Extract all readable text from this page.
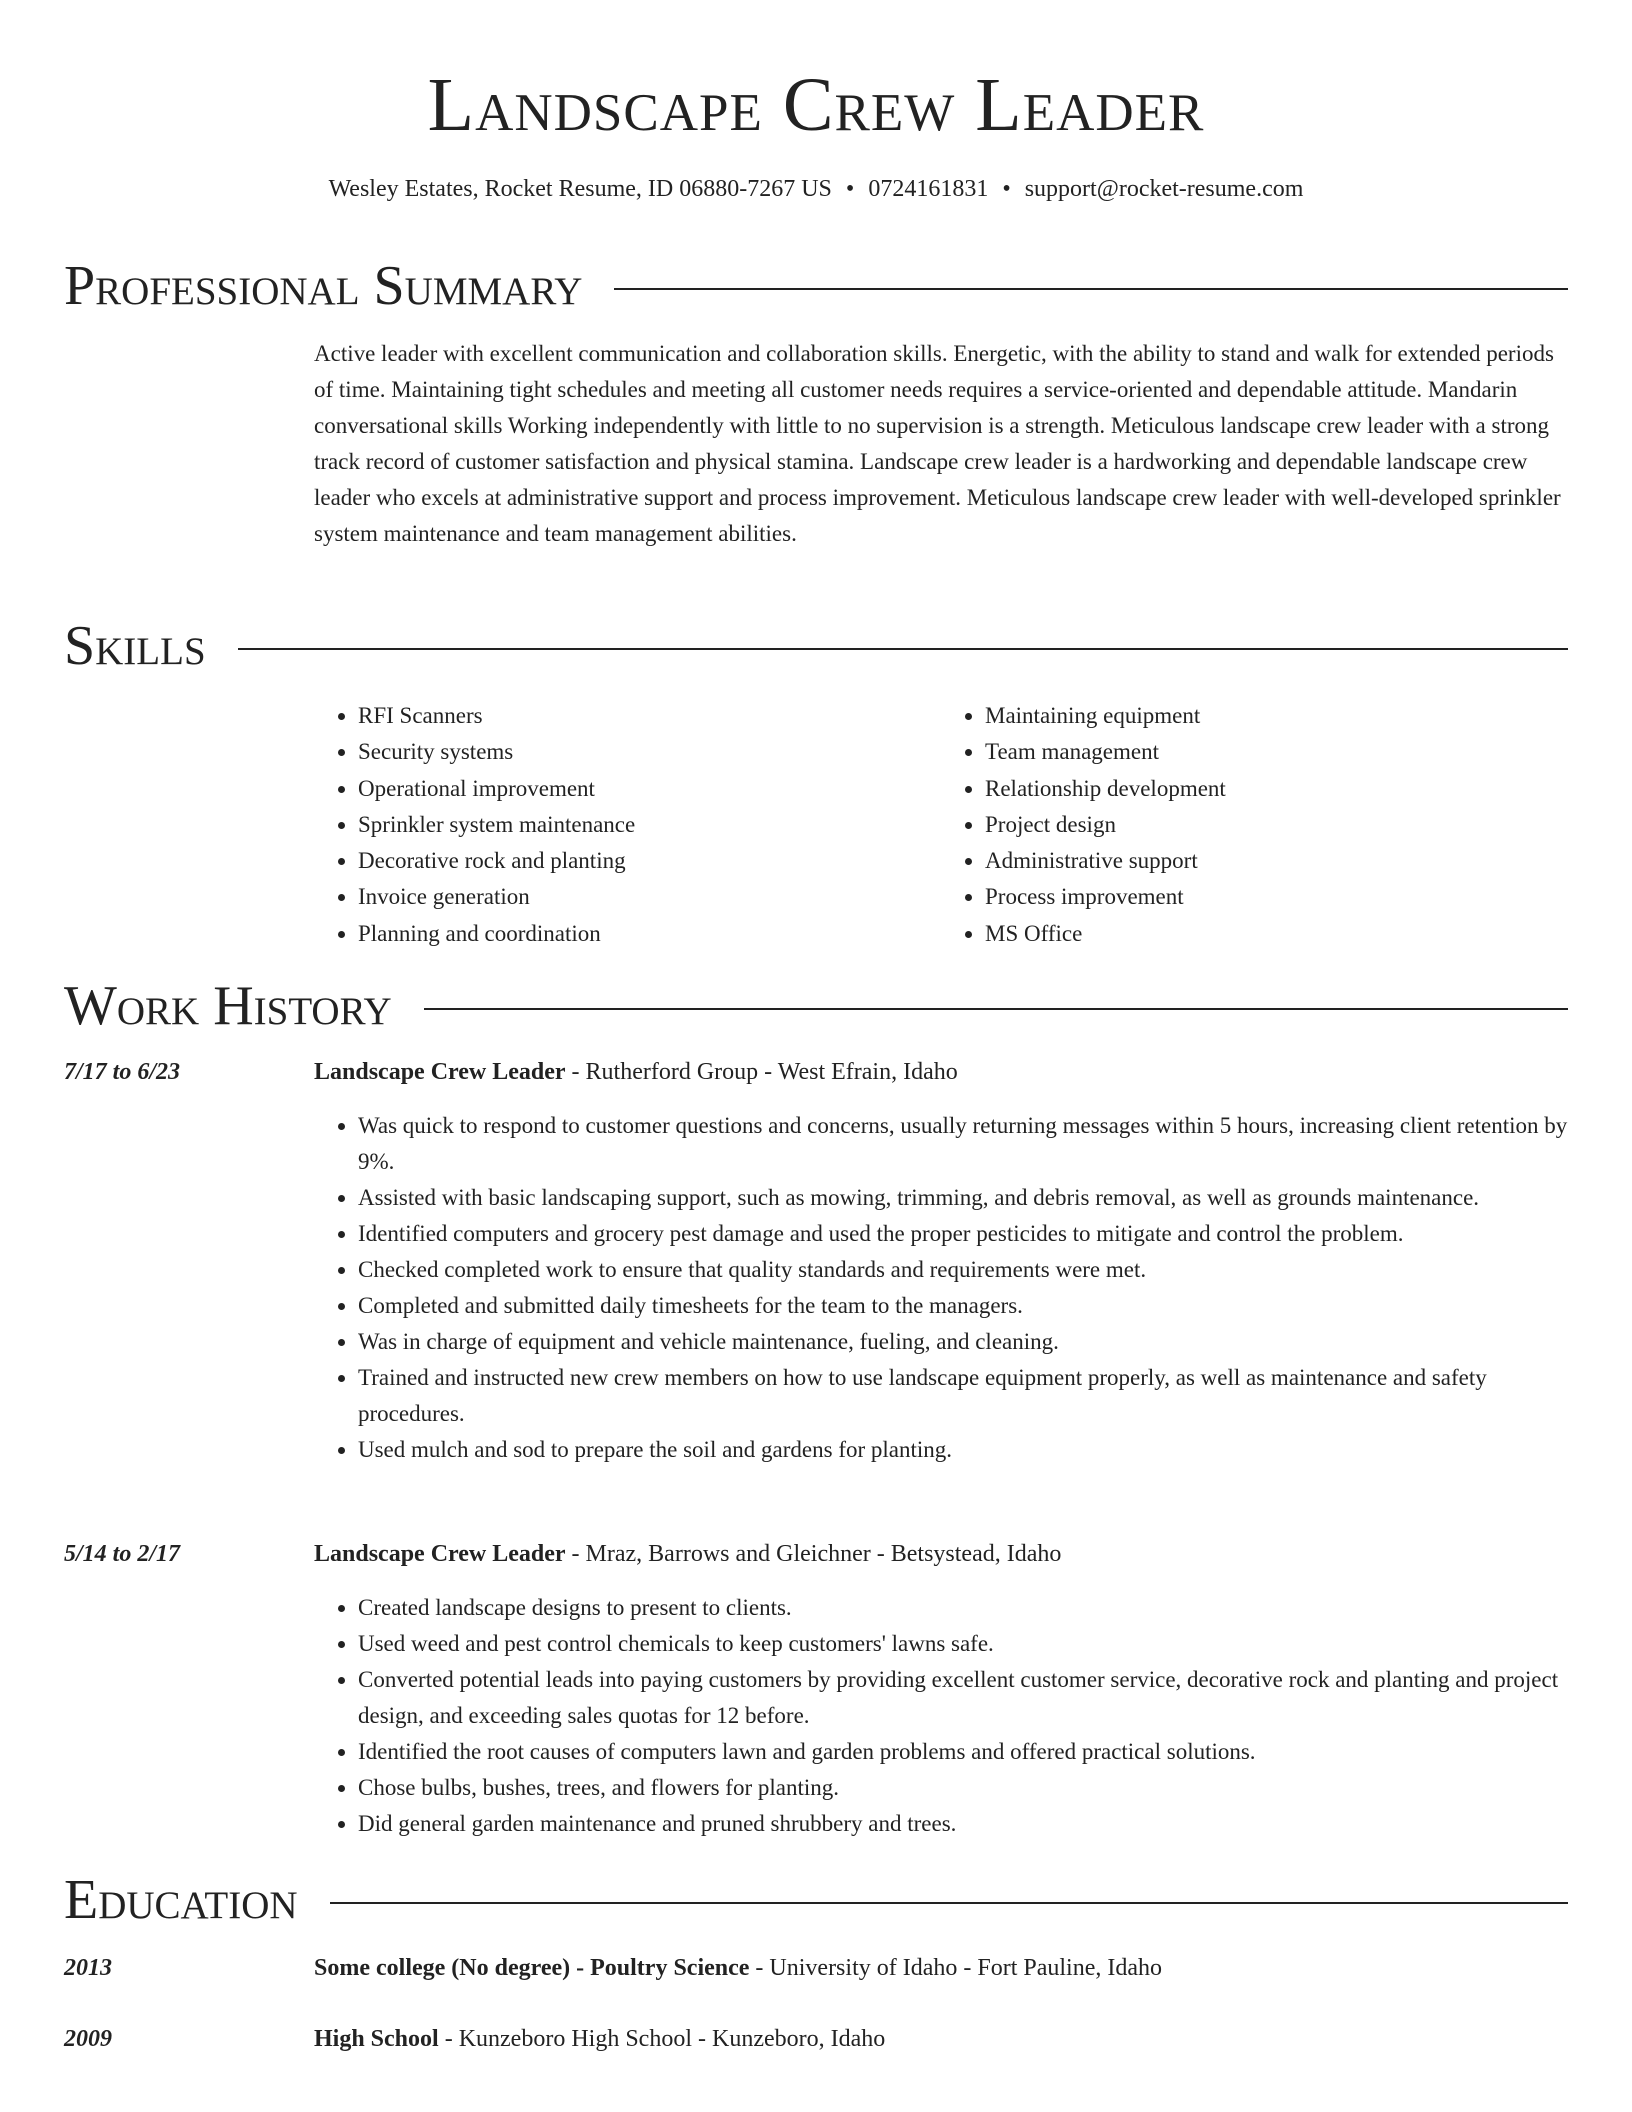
Landscape Crew Leader
Wesley Estates, Rocket Resume, ID 06880-7267 US • 0724161831 • support@rocket-resume.com
Professional Summary
Active leader with excellent communication and collaboration skills. Energetic, with the ability to stand and walk for extended periods of time. Maintaining tight schedules and meeting all customer needs requires a service-oriented and dependable attitude. Mandarin conversational skills Working independently with little to no supervision is a strength. Meticulous landscape crew leader with a strong track record of customer satisfaction and physical stamina. Landscape crew leader is a hardworking and dependable landscape crew leader who excels at administrative support and process improvement. Meticulous landscape crew leader with well-developed sprinkler system maintenance and team management abilities.
Skills
• RFI Scanners
• Security systems
• Operational improvement
• Sprinkler system maintenance
• Decorative rock and planting
• Invoice generation
• Planning and coordination
• Maintaining equipment
• Team management
• Relationship development
• Project design
• Administrative support
• Process improvement
• MS Office
Work History
7/17 to 6/23	Landscape Crew Leader - Rutherford Group - West Efrain, Idaho
• Was quick to respond to customer questions and concerns, usually returning messages within 5 hours, increasing client retention by 9%.
• Assisted with basic landscaping support, such as mowing, trimming, and debris removal, as well as grounds maintenance.
• Identified computers and grocery pest damage and used the proper pesticides to mitigate and control the problem.
• Checked completed work to ensure that quality standards and requirements were met.
• Completed and submitted daily timesheets for the team to the managers.
• Was in charge of equipment and vehicle maintenance, fueling, and cleaning.
• Trained and instructed new crew members on how to use landscape equipment properly, as well as maintenance and safety procedures.
• Used mulch and sod to prepare the soil and gardens for planting.
5/14 to 2/17	Landscape Crew Leader - Mraz, Barrows and Gleichner - Betsystead, Idaho
• Created landscape designs to present to clients.
• Used weed and pest control chemicals to keep customers' lawns safe.
• Converted potential leads into paying customers by providing excellent customer service, decorative rock and planting and project design, and exceeding sales quotas for 12 before.
• Identified the root causes of computers lawn and garden problems and offered practical solutions.
• Chose bulbs, bushes, trees, and flowers for planting.
• Did general garden maintenance and pruned shrubbery and trees.
Education
2013	Some college (No degree) - Poultry Science - University of Idaho - Fort Pauline, Idaho
2009	High School - Kunzeboro High School - Kunzeboro, Idaho
